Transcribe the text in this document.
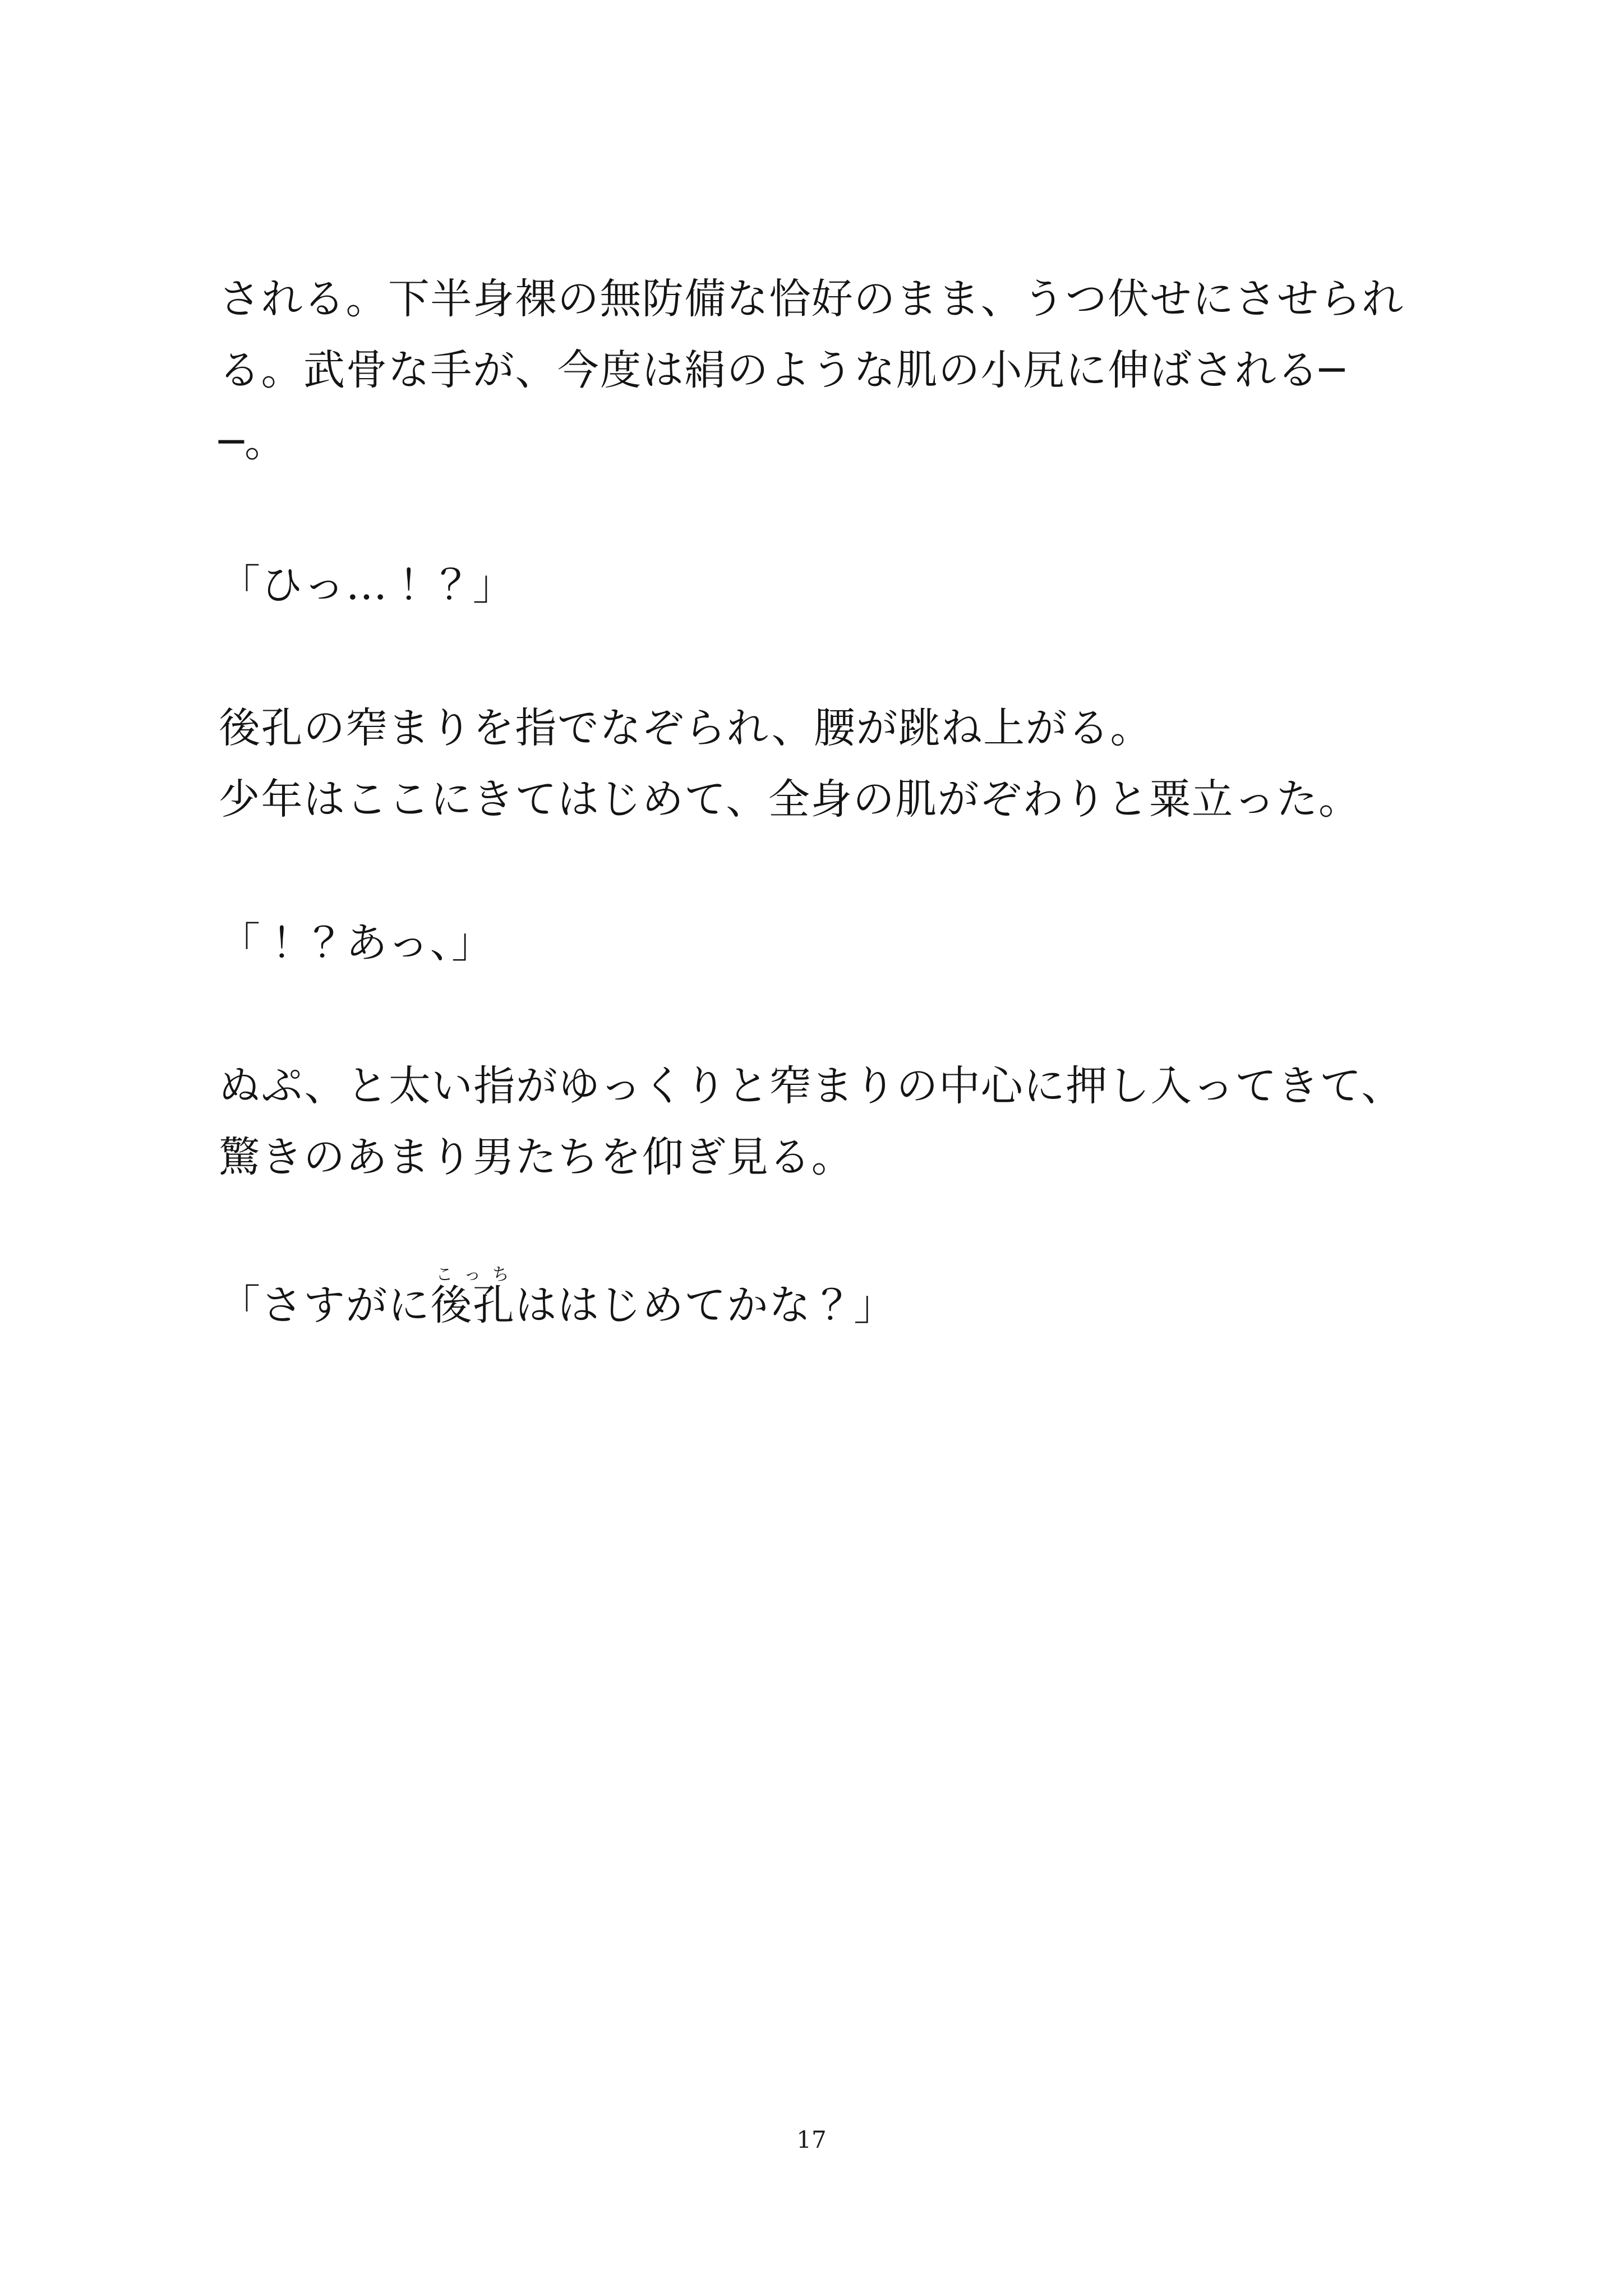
される。下半身裸の無防備な恰好のまま、うつ伏せにさせられる。武骨な手が、今度は絹のような肌の小尻に伸ばされる──。

「ひっ…！？」

後孔の窄まりを指でなぞられ、腰が跳ね上がる。

少年はここにきてはじめて、全身の肌がぞわりと粟立った。

「！？あっ、」

ぬぷ、と太い指がゆっくりと窄まりの中心に押し入ってきて、驚きのあまり男たちを仰ぎ見る。

「さすがに後孔こっちははじめてかな？」

17
